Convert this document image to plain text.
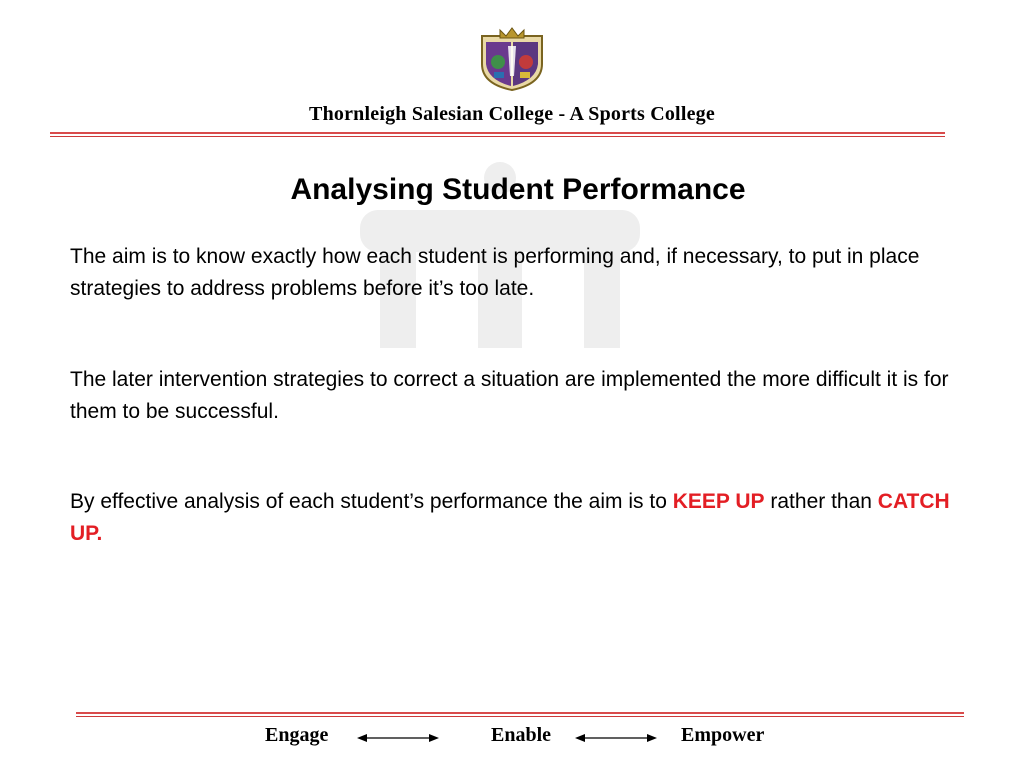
Thornleigh Salesian College - A Sports College
Analysing Student Performance

The aim is to know exactly how each student is performing and, if necessary, to put in place strategies to address problems before it’s too late.

The later intervention strategies to correct a situation are implemented the more difficult it is for them to be successful.

By effective analysis of each student’s performance the aim is to KEEP UP rather than CATCH UP.

Engage	Enable	Empower
